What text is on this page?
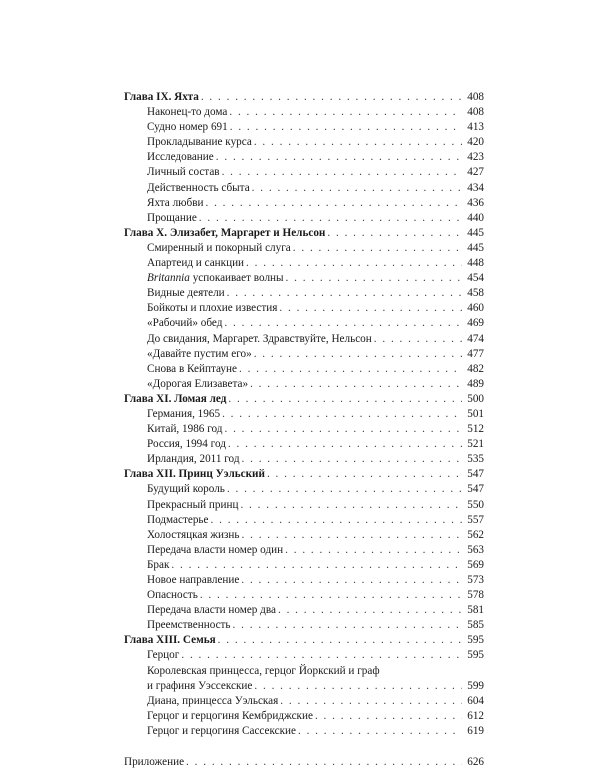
Глава IX. Яхта . . .	408
Наконец-то дома . . .	408
Судно номер 691 . . .	413
Прокладывание курса . . .	420
Исследование . . .	423
Личный состав . . .	427
Действенность сбыта . . .	434
Яхта любви . . .	436
Прощание . . .	440
Глава X. Элизабет, Маргарет и Нельсон . . .	445
Смиренный и покорный слуга . . .	445
Апартеид и санкции . . .	448
Britannia успокаивает волны . . .	454
Видные деятели . . .	458
Бойкоты и плохие известия . . .	460
«Рабочий» обед . . .	469
До свидания, Маргарет. Здравствуйте, Нельсон . . .	474
«Давайте пустим его» . . .	477
Снова в Кейптауне . . .	482
«Дорогая Елизавета» . . .	489
Глава XI. Ломая лед . . .	500
Германия, 1965 . . .	501
Китай, 1986 год . . .	512
Россия, 1994 год . . .	521
Ирландия, 2011 год . . .	535
Глава XII. Принц Уэльский . . .	547
Будущий король . . .	547
Прекрасный принц . . .	550
Подмастерье . . .	557
Холостяцкая жизнь . . .	562
Передача власти номер один . . .	563
Брак . . .	569
Новое направление . . .	573
Опасность . . .	578
Передача власти номер два . . .	581
Преемственность . . .	585
Глава XIII. Семья . . .	595
Герцог . . .	595
Королевская принцесса, герцог Йоркский и граф
и графиня Уэссекские . . .	599
Диана, принцесса Уэльская . . .	604
Герцог и герцогиня Кембриджские . . .	612
Герцог и герцогиня Сассекские . . .	619
Приложение . . .	626
